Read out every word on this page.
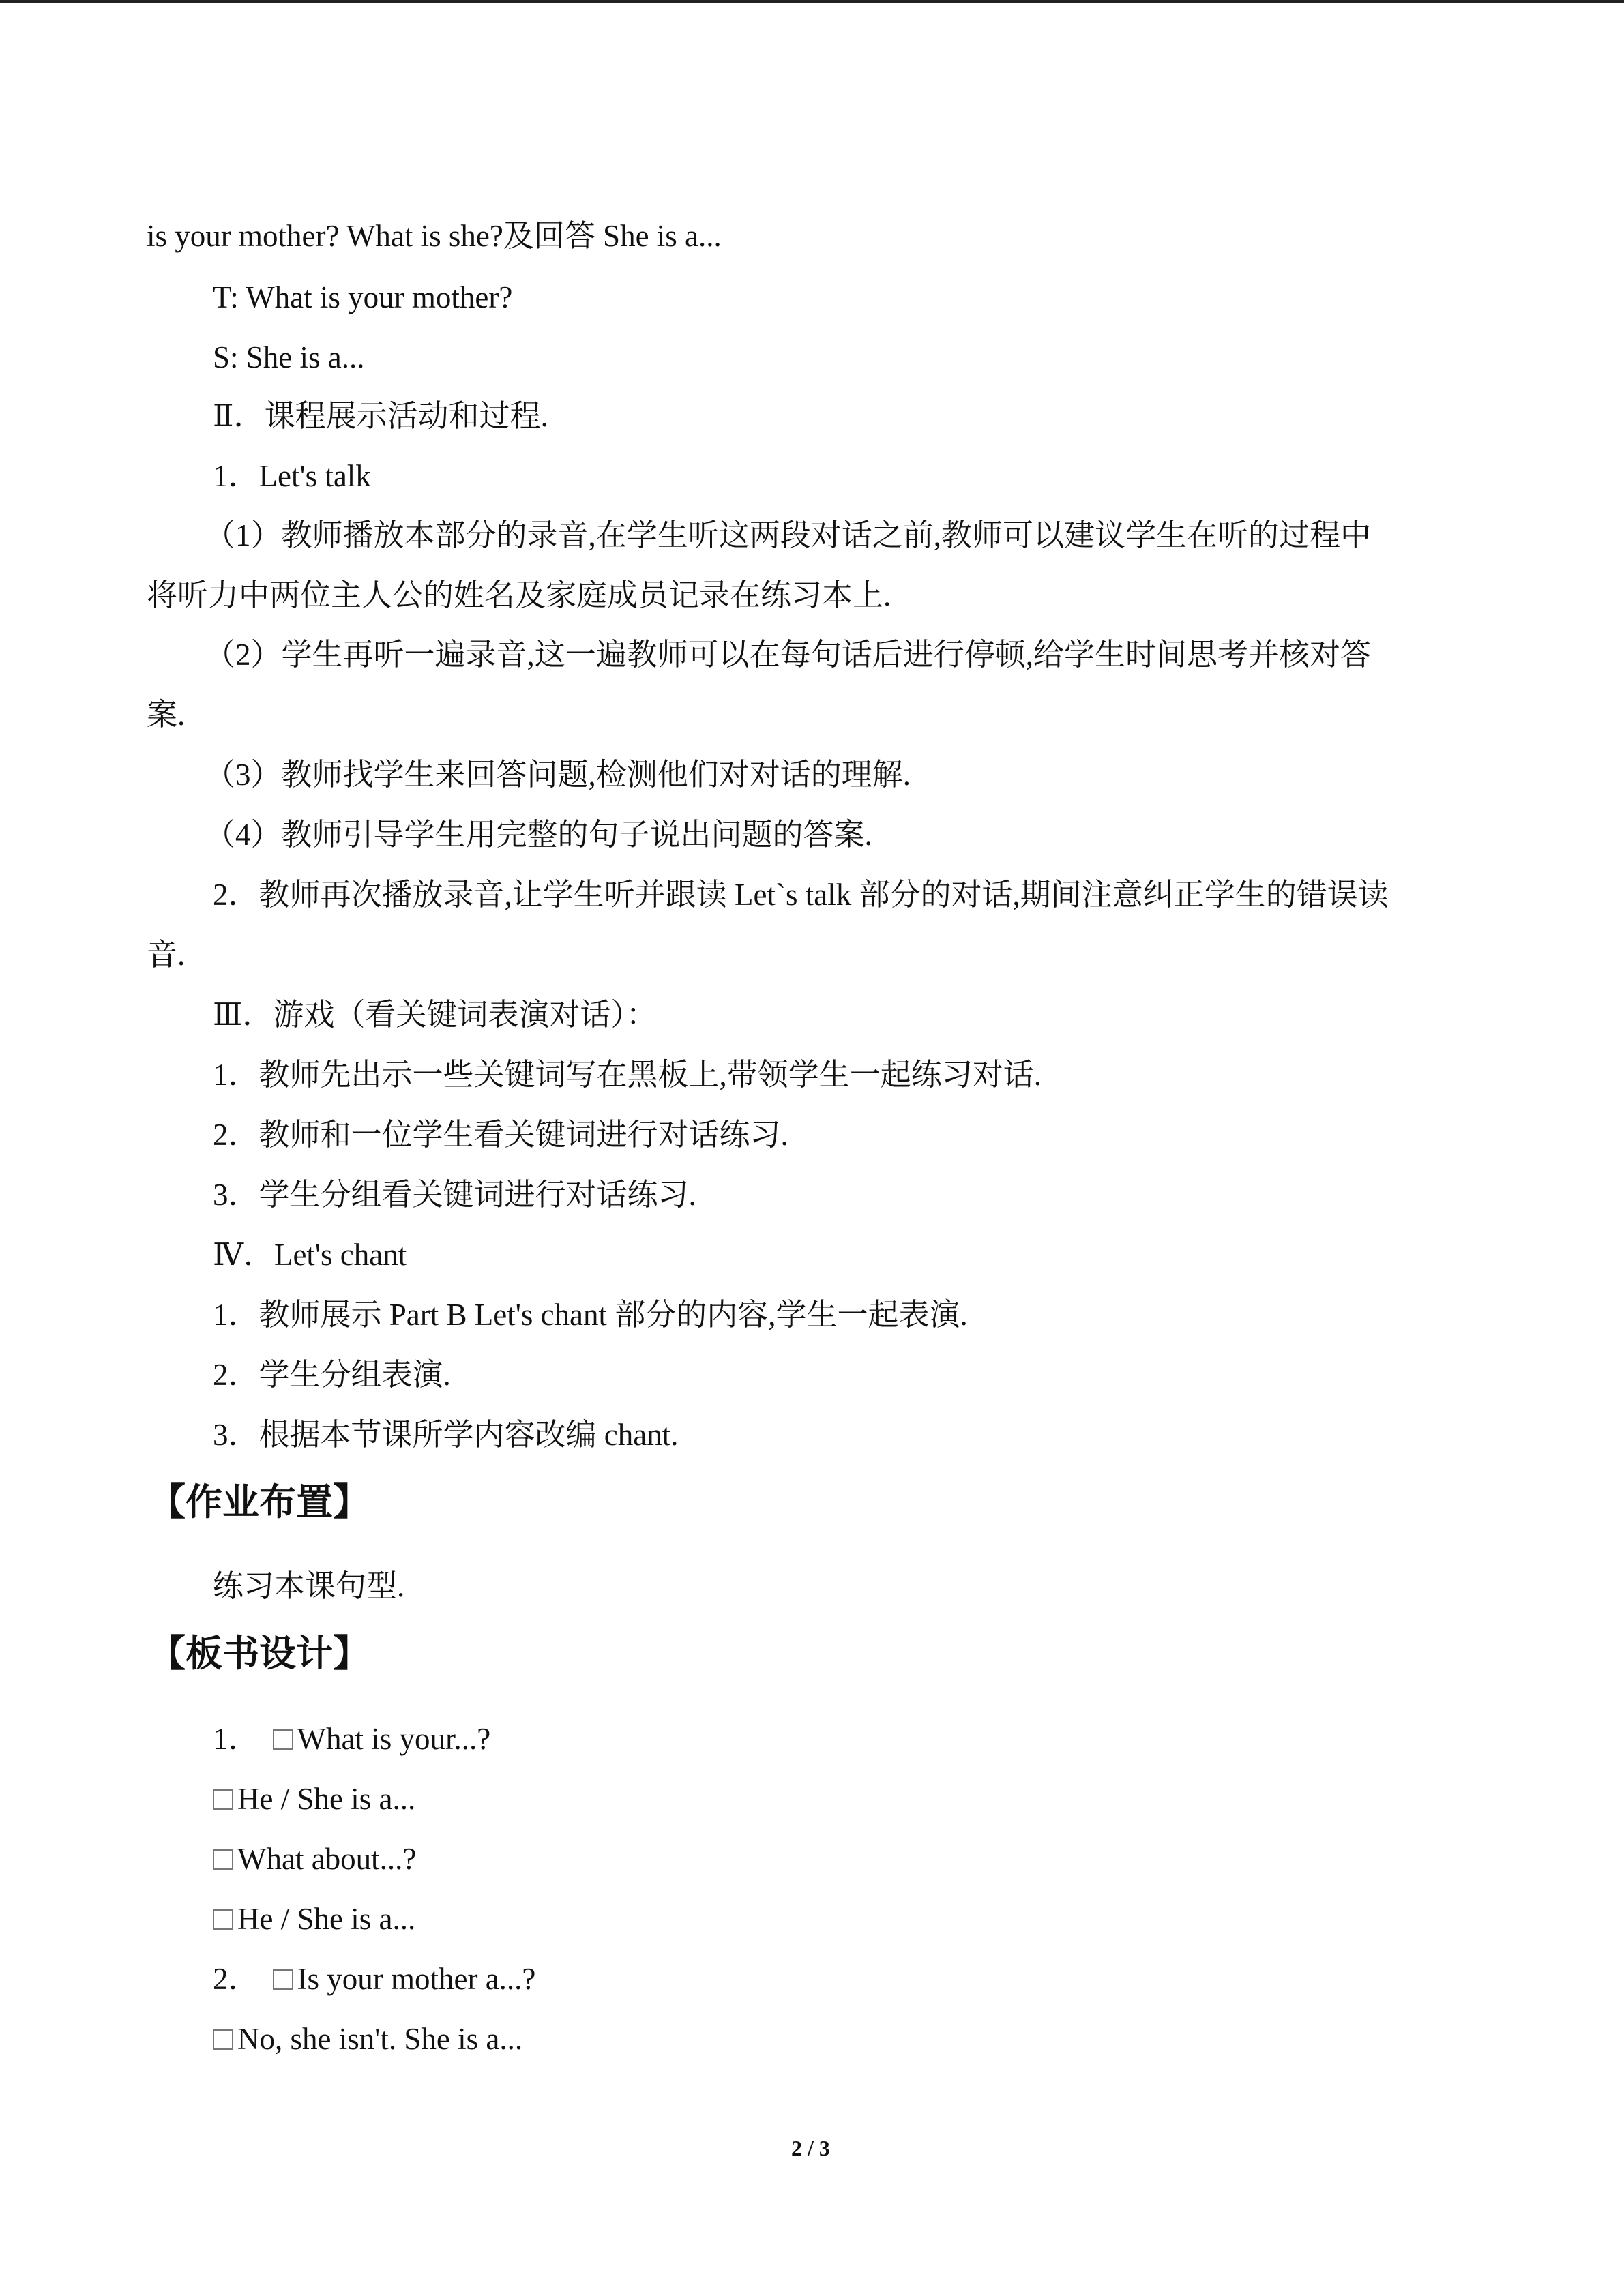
is your mother? What is she?及回答 She is a...
T: What is your mother?
S: She is a...
Ⅱ．课程展示活动和过程.
1．Let's talk
（1）教师播放本部分的录音,在学生听这两段对话之前,教师可以建议学生在听的过程中
将听力中两位主人公的姓名及家庭成员记录在练习本上.
（2）学生再听一遍录音,这一遍教师可以在每句话后进行停顿,给学生时间思考并核对答
案.
（3）教师找学生来回答问题,检测他们对对话的理解.
（4）教师引导学生用完整的句子说出问题的答案.
2．教师再次播放录音,让学生听并跟读 Let`s talk 部分的对话,期间注意纠正学生的错误读
音.
Ⅲ．游戏（看关键词表演对话）：
1．教师先出示一些关键词写在黑板上,带领学生一起练习对话.
2．教师和一位学生看关键词进行对话练习.
3．学生分组看关键词进行对话练习.
Ⅳ．Let's chant
1．教师展示 Part B Let's chant 部分的内容,学生一起表演.
2．学生分组表演.
3．根据本节课所学内容改编 chant.
【作业布置】
练习本课句型.
【板书设计】
1． What is your...?
He / She is a...
What about...?
He / She is a...
2． Is your mother a...?
No, she isn't. She is a...
2 / 3
